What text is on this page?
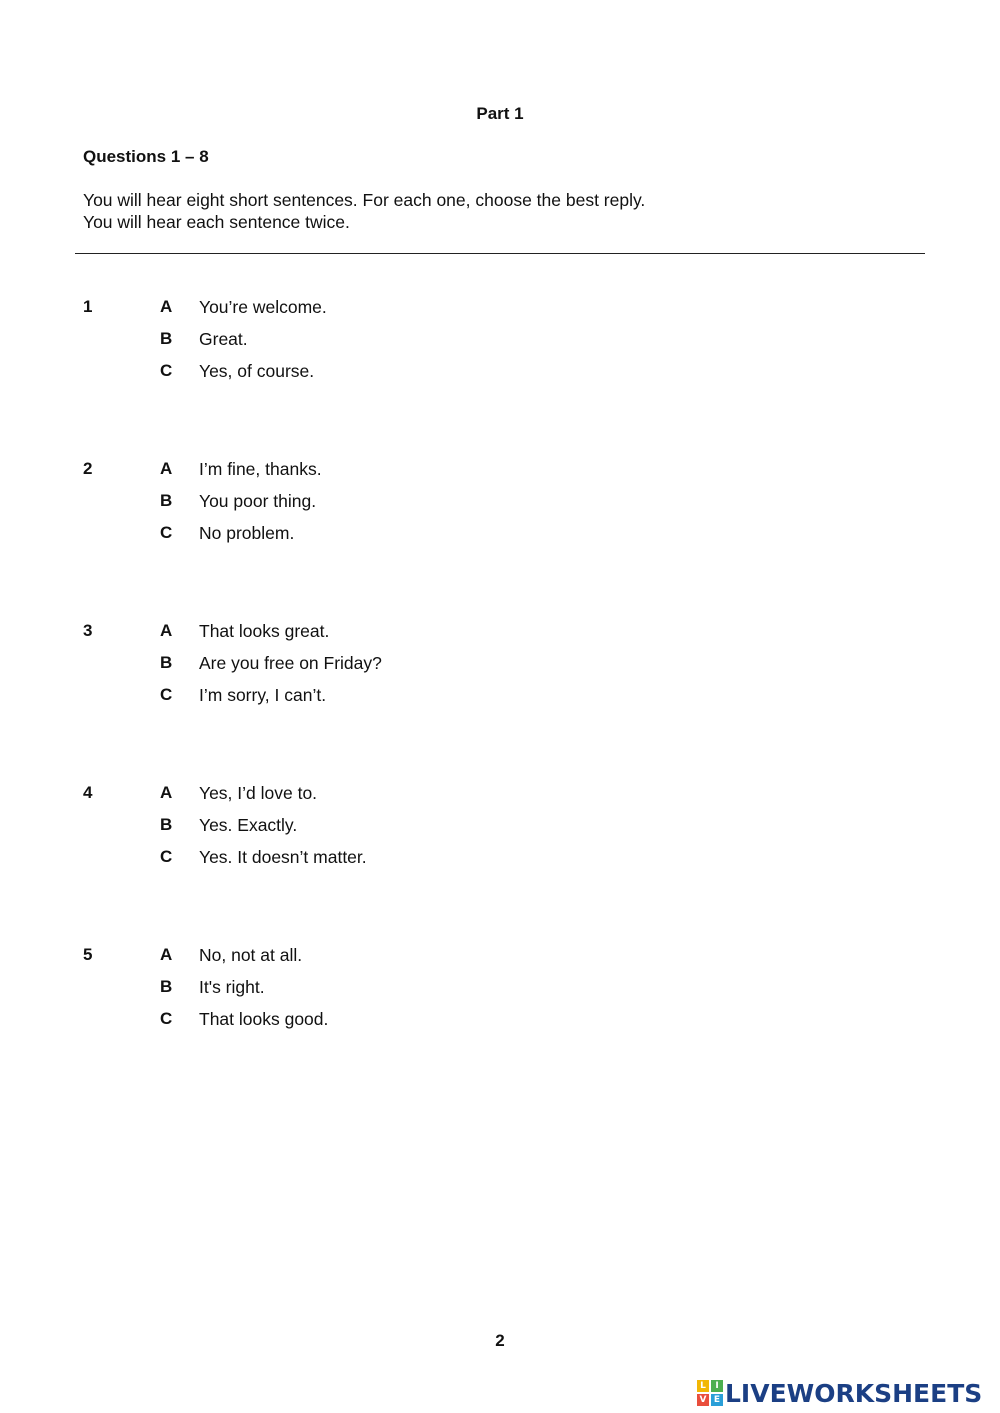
Part 1
Questions 1 – 8
You will hear eight short sentences. For each one, choose the best reply.
You will hear each sentence twice.
1	A You’re welcome.
B Great.
C Yes, of course.
2	A I’m fine, thanks.
B You poor thing.
C No problem.
3	A That looks great.
B Are you free on Friday?
C I’m sorry, I can’t.
4	A Yes, I’d love to.
B Yes. Exactly.
C Yes. It doesn’t matter.
5	A No, not at all.
B It's right.
C That looks good.
2
L	I
V E LIVEWORKSHEETS
